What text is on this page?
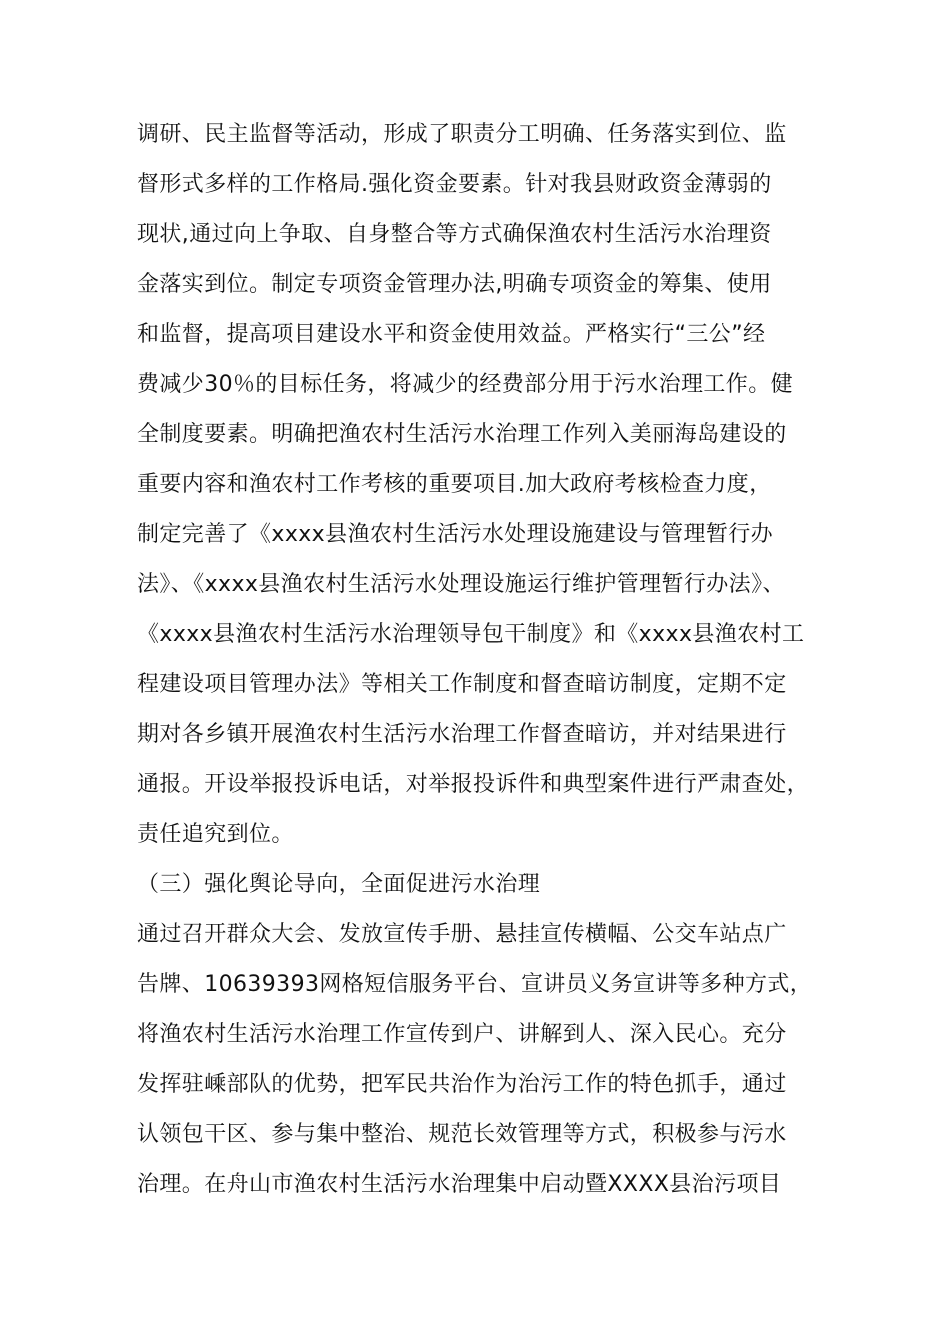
调研、民主监督等活动，形成了职责分工明确、任务落实到位、监
督形式多样的工作格局.强化资金要素。针对我县财政资金薄弱的
现状,通过向上争取、自身整合等方式确保渔农村生活污水治理资
金落实到位。制定专项资金管理办法,明确专项资金的筹集、使用
和监督，提高项目建设水平和资金使用效益。严格实行“三公”经
费减少30％的目标任务，将减少的经费部分用于污水治理工作。健
全制度要素。明确把渔农村生活污水治理工作列入美丽海岛建设的
重要内容和渔农村工作考核的重要项目.加大政府考核检查力度，
制定完善了《xxxx县渔农村生活污水处理设施建设与管理暂行办
法》、《xxxx县渔农村生活污水处理设施运行维护管理暂行办法》、
《xxxx县渔农村生活污水治理领导包干制度》和《xxxx县渔农村工
程建设项目管理办法》等相关工作制度和督查暗访制度，定期不定
期对各乡镇开展渔农村生活污水治理工作督查暗访，并对结果进行
通报。开设举报投诉电话，对举报投诉件和典型案件进行严肃查处，
责任追究到位。
（三）强化舆论导向，全面促进污水治理
通过召开群众大会、发放宣传手册、悬挂宣传横幅、公交车站点广
告牌、10639393网格短信服务平台、宣讲员义务宣讲等多种方式，
将渔农村生活污水治理工作宣传到户、讲解到人、深入民心。充分
发挥驻嵊部队的优势，把军民共治作为治污工作的特色抓手，通过
认领包干区、参与集中整治、规范长效管理等方式，积极参与污水
治理。在舟山市渔农村生活污水治理集中启动暨XXXX县治污项目
